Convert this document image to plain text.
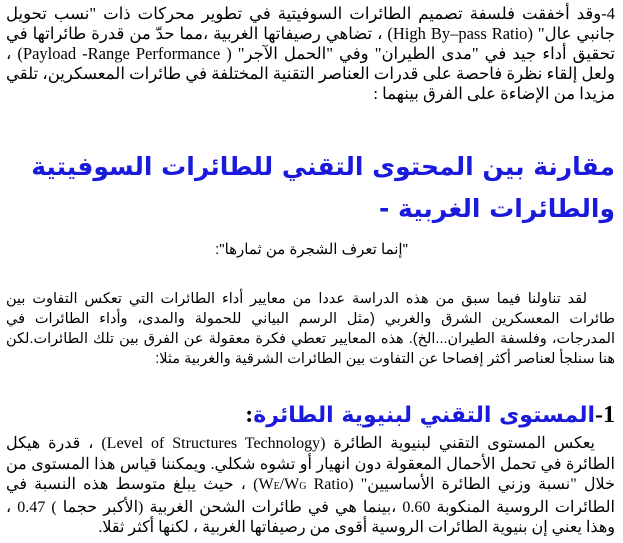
4-وقد أخفقت فلسفة تصميم الطائرات السوفيتية في تطوير محركات ذات "نسب تحويل جانبي عال" (High By–pass Ratio) ، تضاهي رصيفاتها الغربية ،مما حدّ من قدرة طائراتها في تحقيق أداء جيد في "مدى الطيران" وفي "الحمل الآجر" ( Payload -Range Performance) ، ولعل إلقاء نظرة فاحصة على قدرات العناصر التقنية المختلفة في طائرات المعسكرين، تلقي مزيدا من الإضاءة على الفرق بينهما :

مقارنة بين المحتوى التقني للطائرات السوفيتية والطائرات الغربية -
"إنما تعرف الشجرة من ثمارها":

لقد تناولنا فيما سبق من هذه الدراسة عددا من معايير أداء الطائرات التي تعكس التفاوت بين طائرات المعسكرين الشرق والغربي (مثل الرسم البياني للحمولة والمدى، وأداء الطائرات في المدرجات، وفلسفة الطيران...الخ). هذه المعايير تعطي فكرة معقولة عن الفرق بين تلك الطائرات.لكن هنا سنلجأ لعناصر أكثر إفصاحا عن التفاوت بين الطائرات الشرقية والغربية مثلا:

1-المستوى التقني لبنيوية الطائرة:

يعكس المستوى التقني لبنيوية الطائرة (Level of Structures Technology) ، قدرة هيكل الطائرة في تحمل الأحمال المعقولة دون انهيار أو تشوه شكلي. ويمكننا قياس هذا المستوى من خلال "نسبة وزني الطائرة الأساسيين" (WE/WG Ratio) ، حيث يبلغ متوسط هذه النسبة في الطائرات الروسية المنكوبة 0.60 ،بينما هي في طائرات الشحن الغربية (الأكبر حجما ) 0.47 ، وهذا يعني إن بنيوية الطائرات الروسية أقوى من رصيفاتها الغربية ، لكنها أكثر ثقلا.
